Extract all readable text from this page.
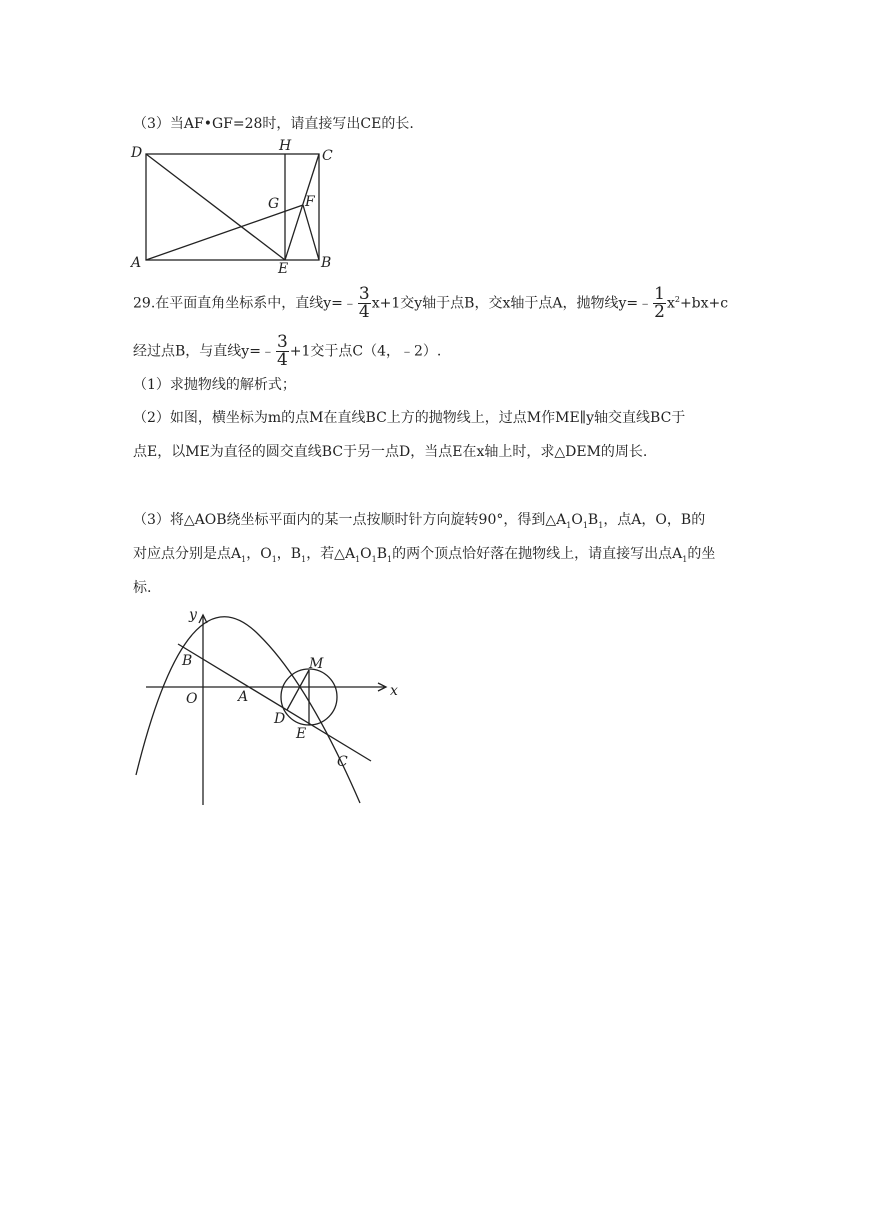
（3）当AF•GF=28时，请直接写出CE的长.
D	H
C
G F
A	E B
29.在平面直角坐标系中，直线y=﹣ $\frac{3}{4} x+1$交y轴于点B，交x轴于点A，抛物线y=﹣ $\frac{1}{2} x^2+bx+c$
经过点B，与直线y=﹣ $\frac{3}{4} +1$交于点C（4，﹣2）.
（1）求抛物线的解析式；
（2）如图，横坐标为m的点M在直线BC上方的抛物线上，过点M作ME∥y轴交直线BC于
点E，以ME为直径的圆交直线BC于另一点D，当点E在x轴上时，求△DEM的周长.
（3）将△AOB绕坐标平面内的某一点按顺时针方向旋转90°，得到$\triangle A_1O_1B_1$，点A，O，B的
对应点分别是点$A_1$，$O_1$，$B_1$，若$\triangle A_1O_1B_1$的两个顶点恰好落在抛物线上，请直接写出点$A_1$的坐
标.
y
x
B
O	A
M
D
E
C
